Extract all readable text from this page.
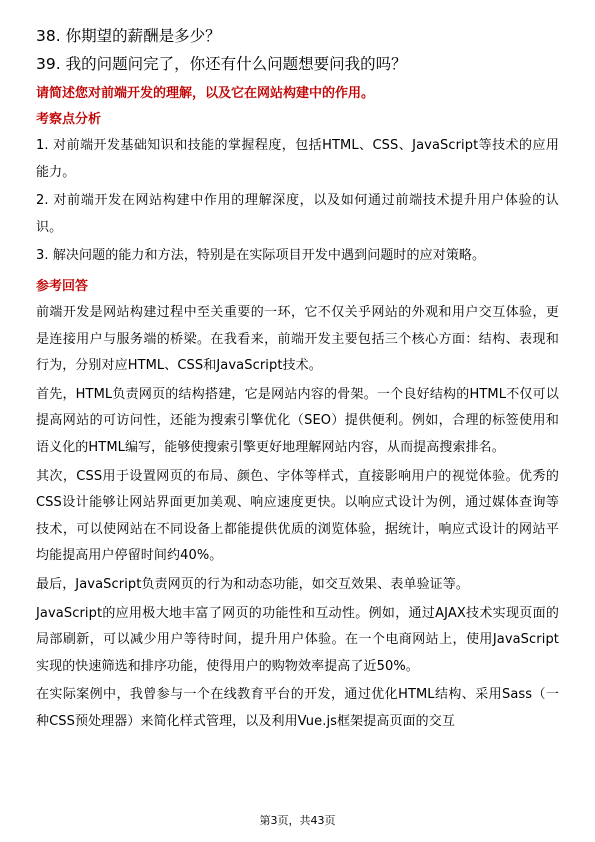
38. 你期望的薪酬是多少？
39. 我的问题问完了，你还有什么问题想要问我的吗？
请简述您对前端开发的理解，以及它在网站构建中的作用。
考察点分析

1. 对前端开发基础知识和技能的掌握程度，包括HTML、CSS、JavaScript等技术的应用能力。

2. 对前端开发在网站构建中作用的理解深度，以及如何通过前端技术提升用户体验的认识。

3. 解决问题的能力和方法，特别是在实际项目开发中遇到问题时的应对策略。

参考回答

前端开发是网站构建过程中至关重要的一环，它不仅关乎网站的外观和用户交互体验，更是连接用户与服务端的桥梁。在我看来，前端开发主要包括三个核心方面：结构、表现和行为，分别对应HTML、CSS和JavaScript技术。

首先，HTML负责网页的结构搭建，它是网站内容的骨架。一个良好结构的HTML不仅可以提高网站的可访问性，还能为搜索引擎优化（SEO）提供便利。例如，合理的标签使用和语义化的HTML编写，能够使搜索引擎更好地理解网站内容，从而提高搜索排名。

其次，CSS用于设置网页的布局、颜色、字体等样式，直接影响用户的视觉体验。优秀的CSS设计能够让网站界面更加美观、响应速度更快。以响应式设计为例，通过媒体查询等技术，可以使网站在不同设备上都能提供优质的浏览体验，据统计，响应式设计的网站平均能提高用户停留时间约40%。

最后，JavaScript负责网页的行为和动态功能，如交互效果、表单验证等。

JavaScript的应用极大地丰富了网页的功能性和互动性。例如，通过AJAX技术实现页面的局部刷新，可以减少用户等待时间，提升用户体验。在一个电商网站上，使用JavaScript实现的快速筛选和排序功能，使得用户的购物效率提高了近50%。

在实际案例中，我曾参与一个在线教育平台的开发，通过优化HTML结构、采用Sass（一种CSS预处理器）来简化样式管理，以及利用Vue.js框架提高页面的交互

第3页，共43页
